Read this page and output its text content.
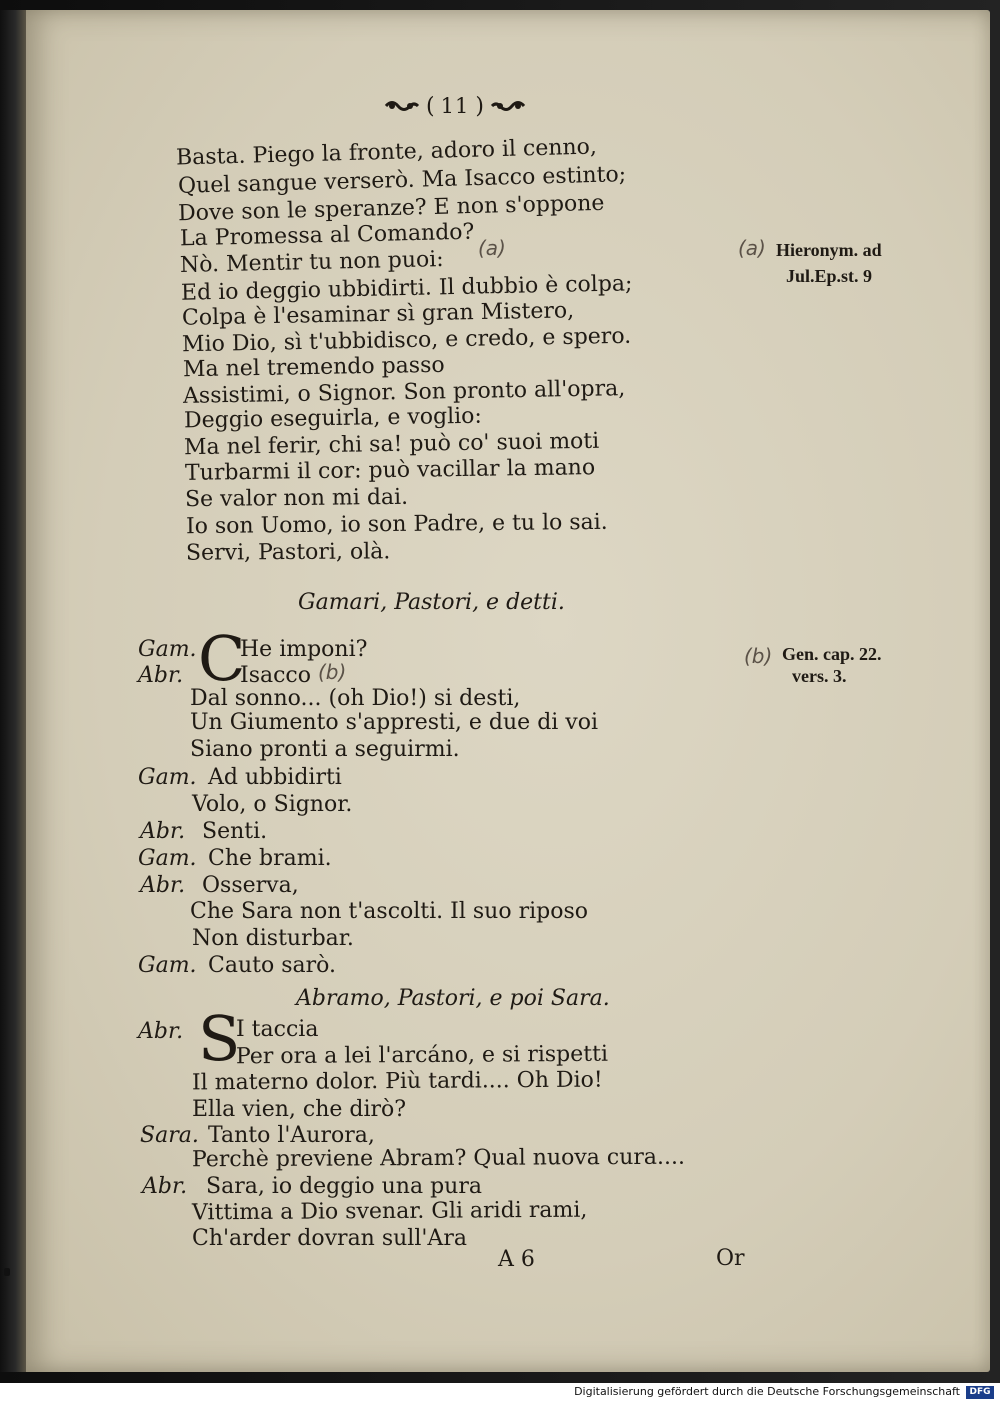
( 11 )
Basta. Piego la fronte, adoro il cenno,
Quel sangue verserò. Ma Isacco estinto;
Dove son le speranze? E non s'oppone
La Promessa al Comando?
Nò. Mentir tu non puoi:
Ed io deggio ubbidirti. Il dubbio è colpa;
Colpa è l'esaminar sì gran Mistero,
Mio Dio, sì t'ubbidisco, e credo, e spero.
Ma nel tremendo passo
Assistimi, o Signor. Son pronto all'opra,
Deggio eseguirla, e voglio:
Ma nel ferir, chi sa! può co' suoi moti
Turbarmi il cor: può vacillar la mano
Se valor non mi dai.
Io son Uomo, io son Padre, e tu lo sai.
Servi, Pastori, olà.
Gamari, Pastori, e detti.
Gam. C
He imponi?
Abr.	Isacco (b)
Dal sonno... (oh Dio!) si desti,
Un Giumento s'appresti, e due di voi
Siano pronti a seguirmi.
Gam. Ad ubbidirti
Volo, o Signor.
Abr. Senti.
Gam. Che brami.
Abr. Osserva,
Che Sara non t'ascolti. Il suo riposo
Non disturbar.
Gam. Cauto sarò.
Abramo, Pastori, e poi Sara.
Abr. S
I taccia
Per ora a lei l'arcáno, e si rispetti
Il materno dolor. Più tardi.... Oh Dio!
Ella vien, che dirò?
Sara. Tanto l'Aurora,
Perchè previene Abram? Qual nuova cura....
Abr. Sara, io deggio una pura
Vittima a Dio svenar. Gli aridi rami,
Ch'arder dovran sull'Ara
(a)	(a) Hieronym. ad
Jul.Ep.st. 9
(b) Gen. cap. 22.
vers. 3.
A 6	Or
Digitalisierung gefördert durch die Deutsche Forschungsgemeinschaft	DFG
